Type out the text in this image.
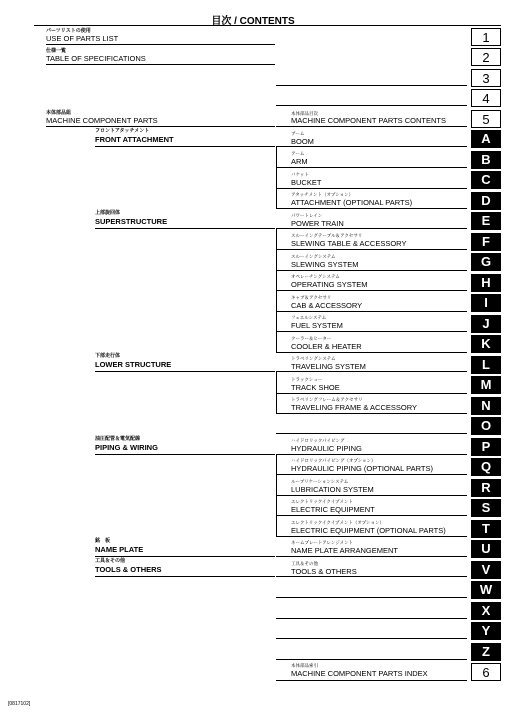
目次 / CONTENTS
パーツリストの使用
USE OF PARTS LIST
仕様一覧
TABLE OF SPECIFICATIONS
本体部品組
MACHINE COMPONENT PARTS
フロントアタッチメント
FRONT ATTACHMENT
上部旋回体
SUPERSTRUCTURE
下部走行体
LOWER STRUCTURE
油圧配管＆電気配線
PIPING & WIRING
銘　板
NAME PLATE
工具＆その他
TOOLS & OTHERS
本体部品目次
MACHINE COMPONENT PARTS CONTENTS
ブーム
BOOM
アーム
ARM
バケット
BUCKET
アタッチメント（オプション）
ATTACHMENT (OPTIONAL PARTS)
パワートレイン
POWER TRAIN
スルーイングテーブル＆アクセサリ
SLEWING TABLE & ACCESSORY
スルーイングシステム
SLEWING SYSTEM
オペレーチングシステム
OPERATING SYSTEM
キャブ＆アクセサリ
CAB & ACCESSORY
フェエルシステム
FUEL SYSTEM
クーラー＆ヒーター
COOLER & HEATER
トラベリングシステム
TRAVELING SYSTEM
トラックシュー
TRACK SHOE
トラベリングフレーム＆アクセサリ
TRAVELING FRAME & ACCESSORY
ハイドロリックパイピング
HYDRAULIC PIPING
ハイドロリックパイピング（オプション）
HYDRAULIC PIPING (OPTIONAL PARTS)
ルーブリケーションシステム
LUBRICATION SYSTEM
エレクトリックイクイプメント
ELECTRIC EQUIPMENT
エレクトリックイクイプメント（オプション）
ELECTRIC EQUIPMENT (OPTIONAL PARTS)
ネームプレートアレンジメント
NAME PLATE ARRANGEMENT
工具＆その他
TOOLS & OTHERS
本体部品索引
MACHINE COMPONENT PARTS INDEX
1
2
3
4
5
A
B
C
D
E
F
G
H
I
J
K
L
M
N
O
P
Q
R
S
T
U
V
W
X
Y
Z
6
[0817102]
